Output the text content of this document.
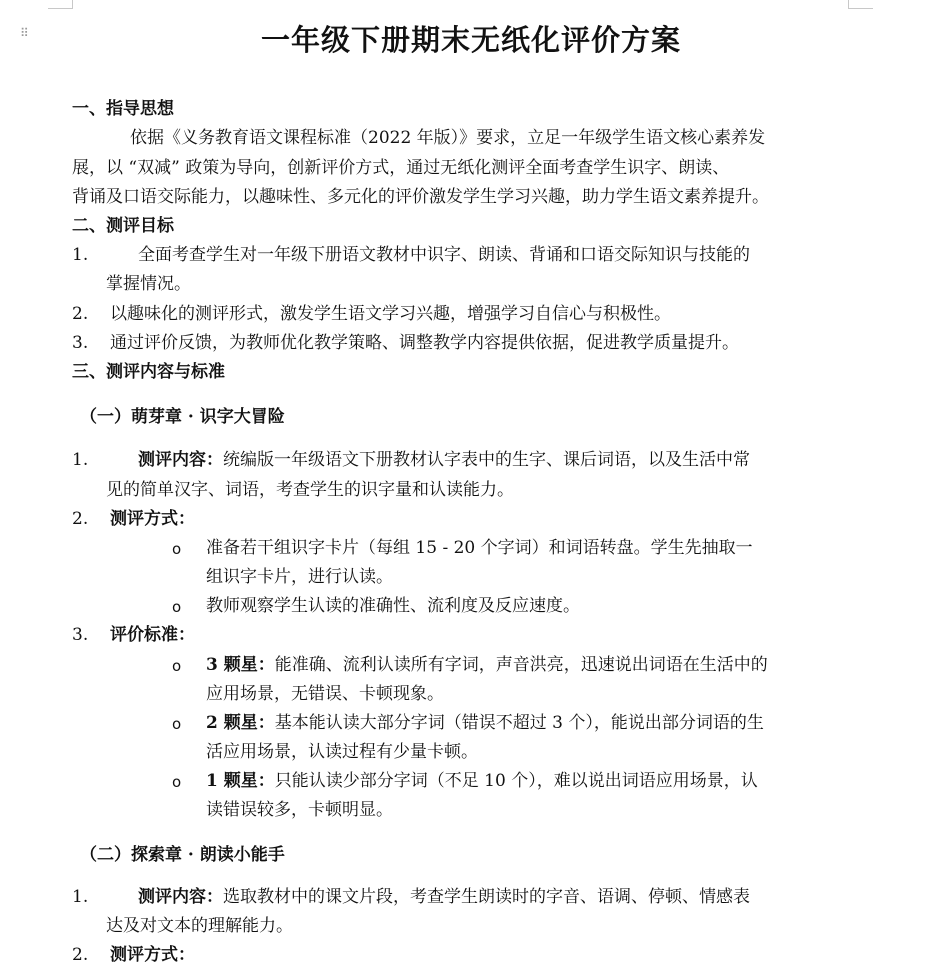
⠿	一年级下册期末无纸化评价方案
一、指导思想
依据《义务教育语文课程标准（2022 年版）》要求，立足一年级学生语文核心素养发
展，以 “双减” 政策为导向，创新评价方式，通过无纸化测评全面考查学生识字、朗读、
背诵及口语交际能力，以趣味性、多元化的评价激发学生学习兴趣，助力学生语文素养提升。
二、测评目标
1.	全面考查学生对一年级下册语文教材中识字、朗读、背诵和口语交际知识与技能的
掌握情况。
2. 以趣味化的测评形式，激发学生语文学习兴趣，增强学习自信心与积极性。
3. 通过评价反馈，为教师优化教学策略、调整教学内容提供依据，促进教学质量提升。
三、测评内容与标准
（一）萌芽章 · 识字大冒险
1.	测评内容：统编版一年级语文下册教材认字表中的生字、课后词语，以及生活中常
见的简单汉字、词语，考查学生的识字量和认读能力。
2. 测评方式：
o 准备若干组识字卡片（每组 15 - 20 个字词）和词语转盘。学生先抽取一
组识字卡片，进行认读。
o 教师观察学生认读的准确性、流利度及反应速度。
3. 评价标准：
o 3 颗星：能准确、流利认读所有字词，声音洪亮，迅速说出词语在生活中的
应用场景，无错误、卡顿现象。
o 2 颗星：基本能认读大部分字词（错误不超过 3 个），能说出部分词语的生
活应用场景，认读过程有少量卡顿。
o 1 颗星：只能认读少部分字词（不足 10 个），难以说出词语应用场景，认
读错误较多，卡顿明显。
（二）探索章 · 朗读小能手
1.	测评内容：选取教材中的课文片段，考查学生朗读时的字音、语调、停顿、情感表
达及对文本的理解能力。
2. 测评方式：
